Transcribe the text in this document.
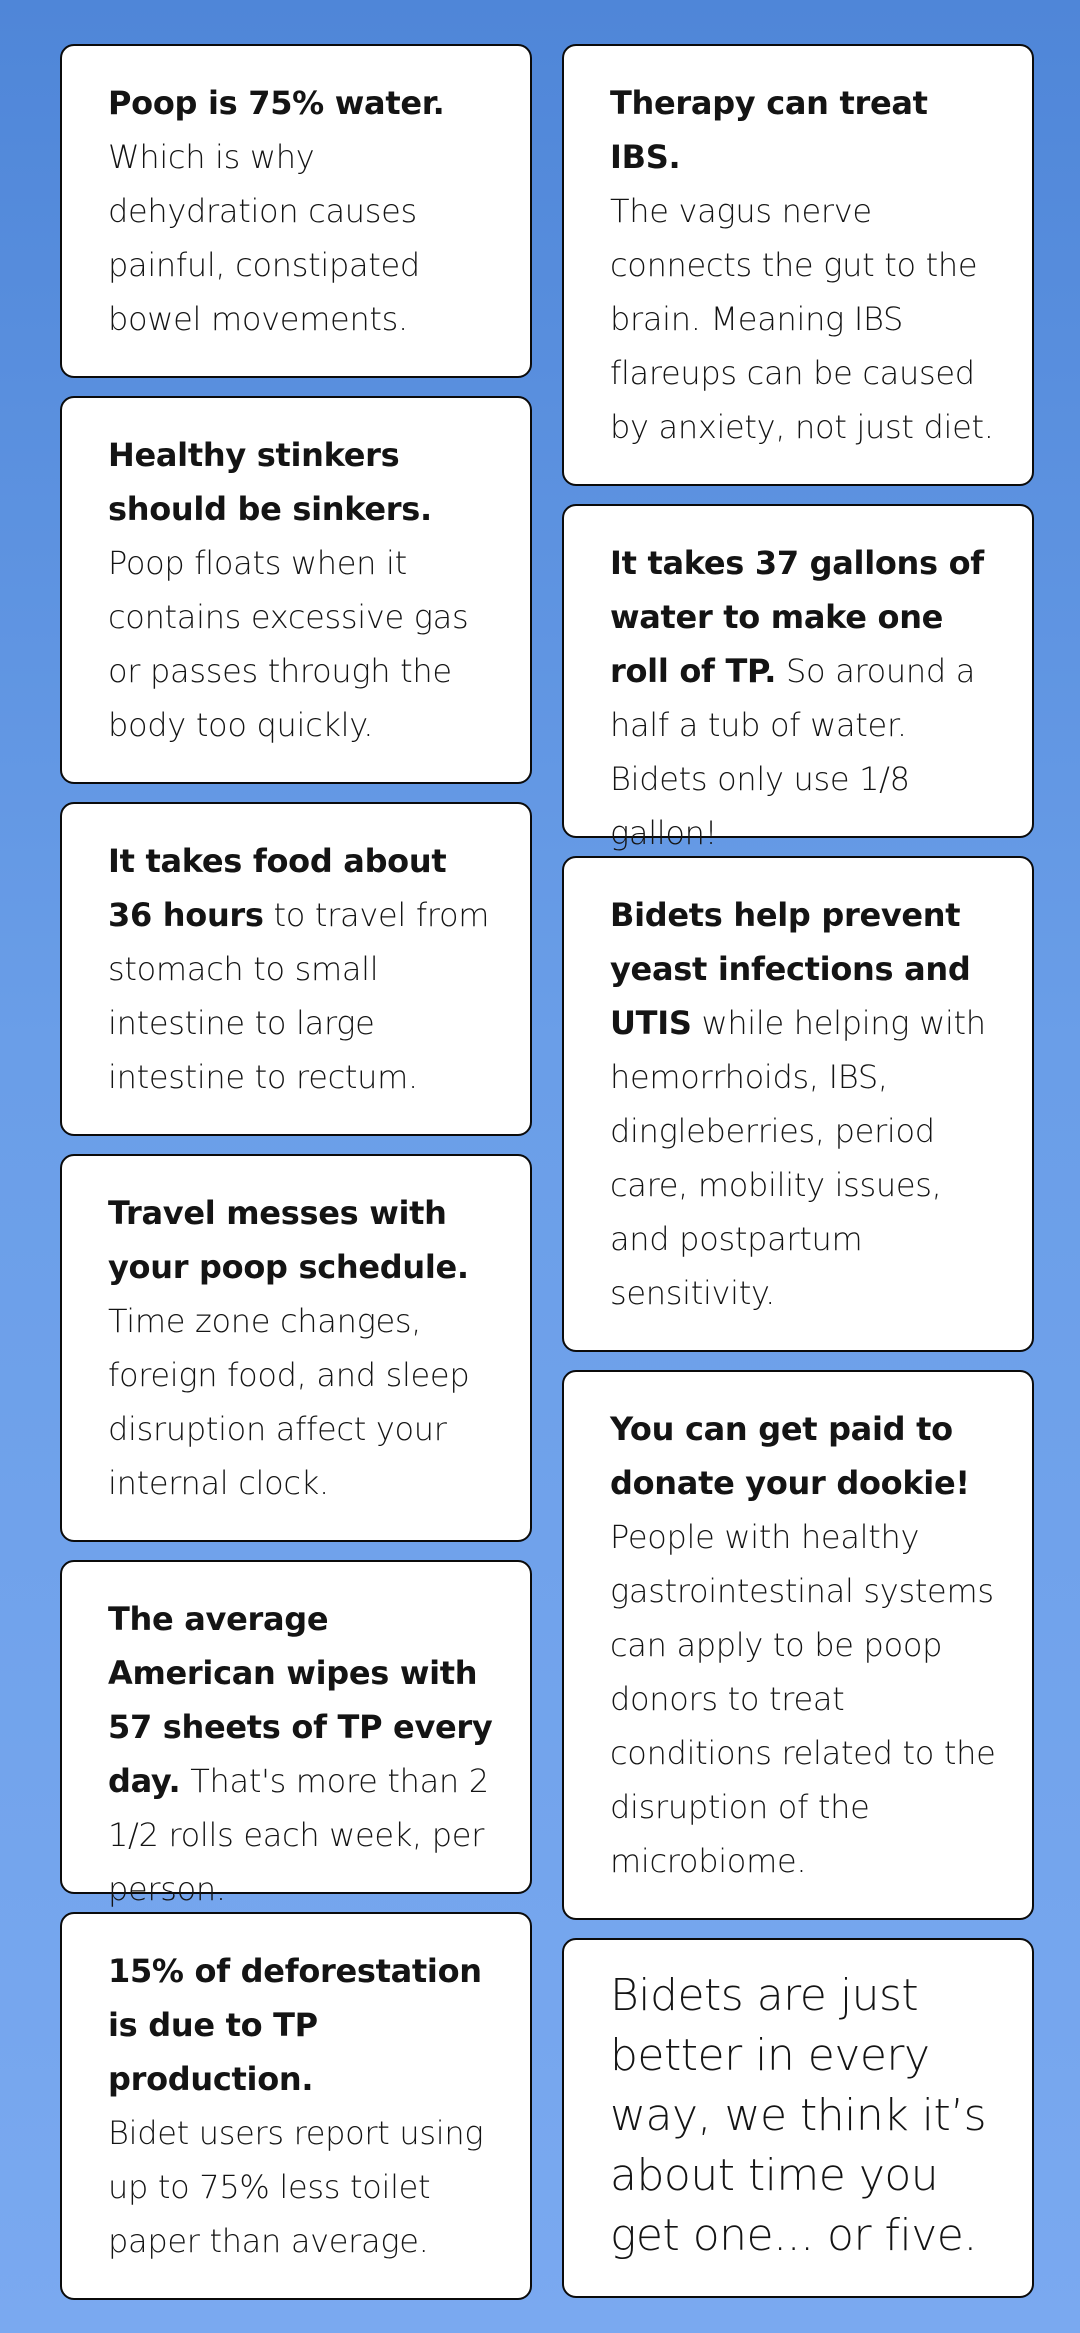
Poop is 75% water.
Which is why dehydration causes painful, constipated bowel movements.
Healthy stinkers should be sinkers.
Poop floats when it contains excessive gas or passes through the body too quickly.
It takes food about 36 hours to travel from stomach to small intestine to large intestine to rectum.
Travel messes with your poop schedule.
Time zone changes, foreign food, and sleep disruption affect your internal clock.
The average American wipes with 57 sheets of TP every day. That's more than 2 1/2 rolls each week, per person.
15% of deforestation is due to TP production.
Bidet users report using up to 75% less toilet paper than average.
Therapy can treat IBS.
The vagus nerve connects the gut to the brain. Meaning IBS flareups can be caused by anxiety, not just diet.
It takes 37 gallons of water to make one roll of TP. So around a half a tub of water. Bidets only use 1/8 gallon!
Bidets help prevent yeast infections and UTIS while helping with hemorrhoids, IBS, dingleberries, period care, mobility issues, and postpartum sensitivity.
You can get paid to donate your dookie!
People with healthy gastrointestinal systems can apply to be poop donors to treat conditions related to the disruption of the microbiome.
Bidets are just better in every way, we think it’s about time you get one... or five.
